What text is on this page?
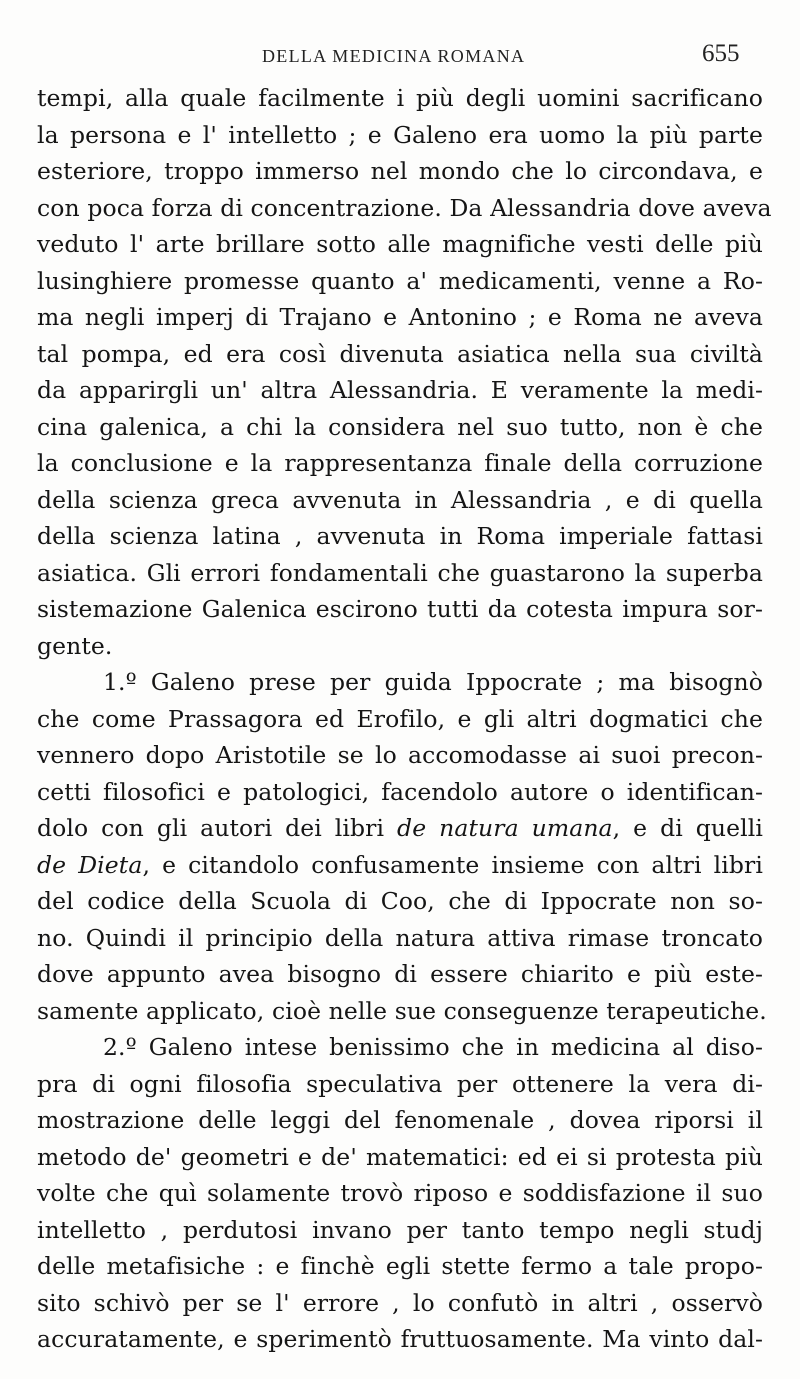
DELLA MEDICINA ROMANA	655
tempi, alla quale facilmente i più degli uomini sacrificano
la persona e l' intelletto ; e Galeno era uomo la più parte
esteriore, troppo immerso nel mondo che lo circondava, e
con poca forza di concentrazione. Da Alessandria dove aveva
veduto l' arte brillare sotto alle magnifiche vesti delle più
lusinghiere promesse quanto a' medicamenti, venne a Ro-
ma negli imperj di Trajano e Antonino ; e Roma ne aveva
tal pompa, ed era così divenuta asiatica nella sua civiltà
da apparirgli un' altra Alessandria. E veramente la medi-
cina galenica, a chi la considera nel suo tutto, non è che
la conclusione e la rappresentanza finale della corruzione
della scienza greca avvenuta in Alessandria , e di quella
della scienza latina , avvenuta in Roma imperiale fattasi
asiatica. Gli errori fondamentali che guastarono la superba
sistemazione Galenica escirono tutti da cotesta impura sor-
gente.
1.º Galeno prese per guida Ippocrate ; ma bisognò
che come Prassagora ed Erofilo, e gli altri dogmatici che
vennero dopo Aristotile se lo accomodasse ai suoi precon-
cetti filosofici e patologici, facendolo autore o identifican-
dolo con gli autori dei libri de natura umana, e di quelli
de Dieta, e citandolo confusamente insieme con altri libri
del codice della Scuola di Coo, che di Ippocrate non so-
no. Quindi il principio della natura attiva rimase troncato
dove appunto avea bisogno di essere chiarito e più este-
samente applicato, cioè nelle sue conseguenze terapeutiche.
2.º Galeno intese benissimo che in medicina al diso-
pra di ogni filosofia speculativa per ottenere la vera di-
mostrazione delle leggi del fenomenale , dovea riporsi il
metodo de' geometri e de' matematici: ed ei si protesta più
volte che quì solamente trovò riposo e soddisfazione il suo
intelletto , perdutosi invano per tanto tempo negli studj
delle metafisiche : e finchè egli stette fermo a tale propo-
sito schivò per se l' errore , lo confutò in altri , osservò
accuratamente, e sperimentò fruttuosamente. Ma vinto dal-
